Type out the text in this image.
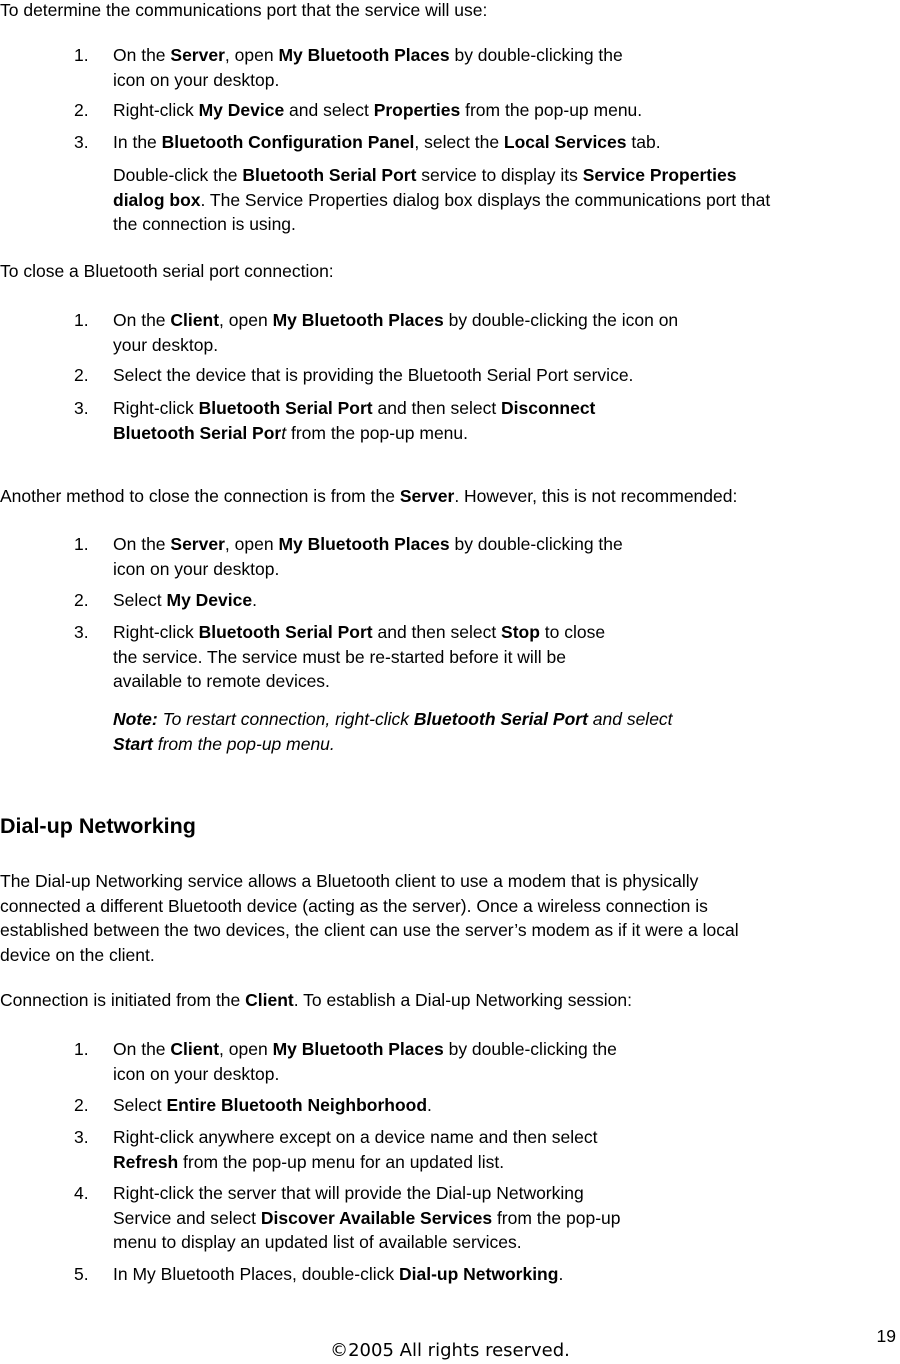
To determine the communications port that the service will use:
1. On the Server, open My Bluetooth Places by double-clicking the
icon on your desktop.
2. Right-click My Device and select Properties from the pop-up menu.
3. In the Bluetooth Configuration Panel, select the Local Services tab.
Double-click the Bluetooth Serial Port service to display its Service Properties
dialog box. The Service Properties dialog box displays the communications port that
the connection is using.
To close a Bluetooth serial port connection:
1. On the Client, open My Bluetooth Places by double-clicking the icon on
your desktop.
2. Select the device that is providing the Bluetooth Serial Port service.
3. Right-click Bluetooth Serial Port and then select Disconnect
Bluetooth Serial Port from the pop-up menu.
Another method to close the connection is from the Server. However, this is not recommended:
1. On the Server, open My Bluetooth Places by double-clicking the
icon on your desktop.
2. Select My Device.
3. Right-click Bluetooth Serial Port and then select Stop to close
the service. The service must be re-started before it will be
available to remote devices.
Note: To restart connection, right-click Bluetooth Serial Port and select
Start from the pop-up menu.
Dial-up Networking
The Dial-up Networking service allows a Bluetooth client to use a modem that is physically
connected a different Bluetooth device (acting as the server). Once a wireless connection is
established between the two devices, the client can use the server’s modem as if it were a local
device on the client.
Connection is initiated from the Client. To establish a Dial-up Networking session:
1. On the Client, open My Bluetooth Places by double-clicking the
icon on your desktop.
2. Select Entire Bluetooth Neighborhood.
3. Right-click anywhere except on a device name and then select
Refresh from the pop-up menu for an updated list.
4. Right-click the server that will provide the Dial-up Networking
Service and select Discover Available Services from the pop-up
menu to display an updated list of available services.
5. In My Bluetooth Places, double-click Dial-up Networking.
©2005 All rights reserved.
19
